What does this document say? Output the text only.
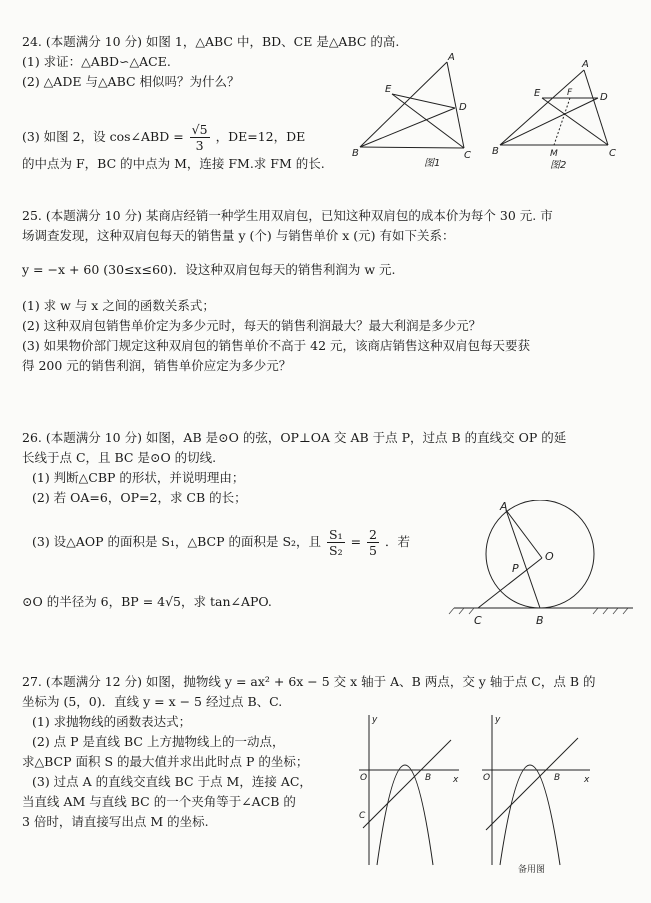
24. (本题满分 10 分) 如图 1，△ABC 中，BD、CE 是△ABC 的高.
(1) 求证：△ABD∽△ACE.
(2) △ADE 与△ABC 相似吗？为什么？
(3) 如图 2，设 cos∠ABD = $\frac{√5}{3}$ ，DE=12，DE
的中点为 F，BC 的中点为 M，连接 FM.求 FM 的长.
A
E
D
B	C
图1
A
E	F	D
M
B	C
图2
25. (本题满分 10 分) 某商店经销一种学生用双肩包，已知这种双肩包的成本价为每个 30 元. 市
场调查发现，这种双肩包每天的销售量 y (个) 与销售单价 x (元) 有如下关系：
y = −x + 60 (30≤x≤60)．设这种双肩包每天的销售利润为 w 元.
(1) 求 w 与 x 之间的函数关系式；
(2) 这种双肩包销售单价定为多少元时，每天的销售利润最大？最大利润是多少元？
(3) 如果物价部门规定这种双肩包的销售单价不高于 42 元，该商店销售这种双肩包每天要获
得 200 元的销售利润，销售单价应定为多少元？
26. (本题满分 10 分) 如图，AB 是⊙O 的弦，OP⊥OA 交 AB 于点 P，过点 B 的直线交 OP 的延
长线于点 C，且 BC 是⊙O 的切线.
(1) 判断△CBP 的形状，并说明理由；
(2) 若 OA=6，OP=2，求 CB 的长；
(3) 设△AOP 的面积是 S₁，△BCP 的面积是 S₂，且 $\frac{\text{S₁}}{\text{S₂}} = \frac{2}{5}$ ．若
⊙O 的半径为 6，BP = 4√5，求 tan∠APO.
A
O
P
C	B
27. (本题满分 12 分) 如图，抛物线 y = ax² + 6x − 5 交 x 轴于 A、B 两点，交 y 轴于点 C，点 B 的
坐标为 (5，0)．直线 y = x − 5 经过点 B、C.
(1) 求抛物线的函数表达式；
(2) 点 P 是直线 BC 上方抛物线上的一动点，
求△BCP 面积 S 的最大值并求出此时点 P 的坐标；
(3) 过点 A 的直线交直线 BC 于点 M，连接 AC，
当直线 AM 与直线 BC 的一个夹角等于∠ACB 的
3 倍时，请直接写出点 M 的坐标.
y
x
O	B
C
y
x
O	B
备用图
